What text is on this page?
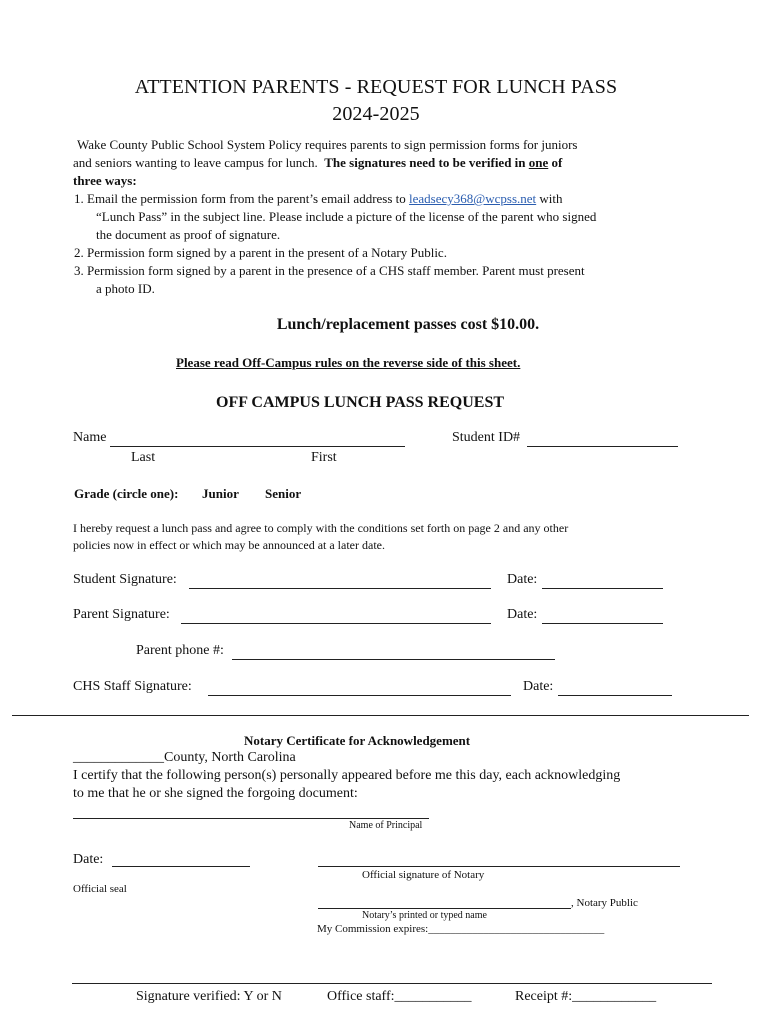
ATTENTION PARENTS - REQUEST FOR LUNCH PASS
2024-2025
Wake County Public School System Policy requires parents to sign permission forms for juniors
and seniors wanting to leave campus for lunch. The signatures need to be verified in one of
three ways:
1. Email the permission form from the parent’s email address to leadsecy368@wcpss.net with
“Lunch Pass” in the subject line. Please include a picture of the license of the parent who signed
the document as proof of signature.
2. Permission form signed by a parent in the present of a Notary Public.
3. Permission form signed by a parent in the presence of a CHS staff member. Parent must present
a photo ID.
Lunch/replacement passes cost $10.00.
Please read Off-Campus rules on the reverse side of this sheet.
OFF CAMPUS LUNCH PASS REQUEST
Name	Student ID#
Last	First
Grade (circle one): Junior Senior
I hereby request a lunch pass and agree to comply with the conditions set forth on page 2 and any other
policies now in effect or which may be announced at a later date.
Student Signature:	Date:
Parent Signature:	Date:
Parent phone #:
CHS Staff Signature:	Date:
Notary Certificate for Acknowledgement
_____________County, North Carolina
I certify that the following person(s) personally appeared before me this day, each acknowledging
to me that he or she signed the forgoing document:
Name of Principal
Date:
Official signature of Notary
Official seal
, Notary Public
Notary’s printed or typed name
My Commission expires:________________________________
Signature verified: Y or N	Office staff:___________	Receipt #:____________
